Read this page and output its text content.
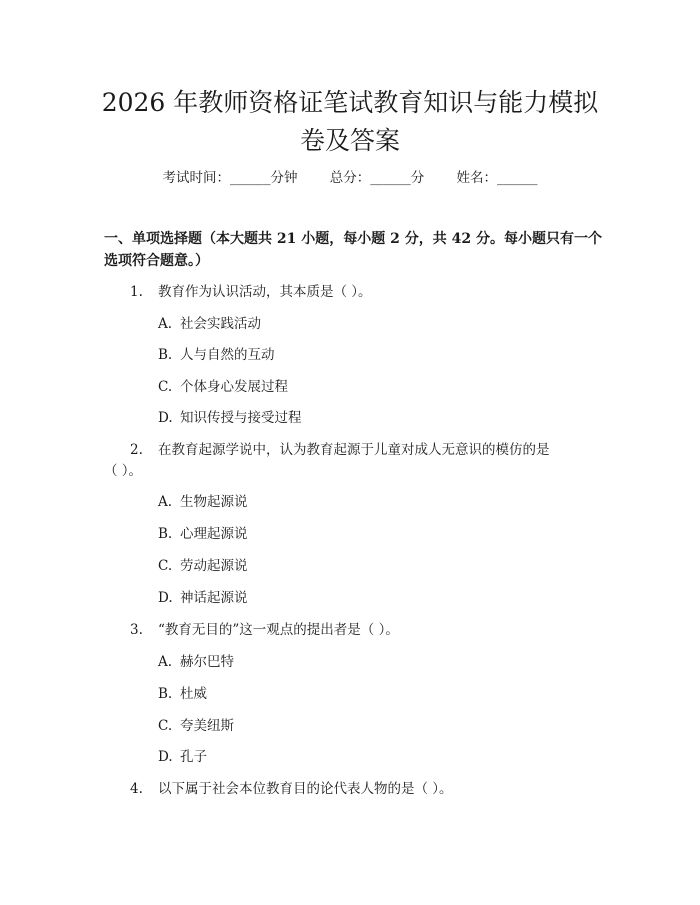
2026 年教师资格证笔试教育知识与能力模拟
卷及答案
考试时间：______分钟 总分：______分 姓名：______

一、单项选择题（本大题共 21 小题，每小题 2 分，共 42 分。每小题只有一个选项符合题意。）

1. 教育作为认识活动，其本质是（ ）。
A. 社会实践活动
B. 人与自然的互动
C. 个体身心发展过程
D. 知识传授与接受过程
2. 在教育起源学说中，认为教育起源于儿童对成人无意识的模仿的是
（ ）。
A. 生物起源说
B. 心理起源说
C. 劳动起源说
D. 神话起源说
3. “教育无目的”这一观点的提出者是（ ）。
A. 赫尔巴特
B. 杜威
C. 夸美纽斯
D. 孔子
4. 以下属于社会本位教育目的论代表人物的是（ ）。
